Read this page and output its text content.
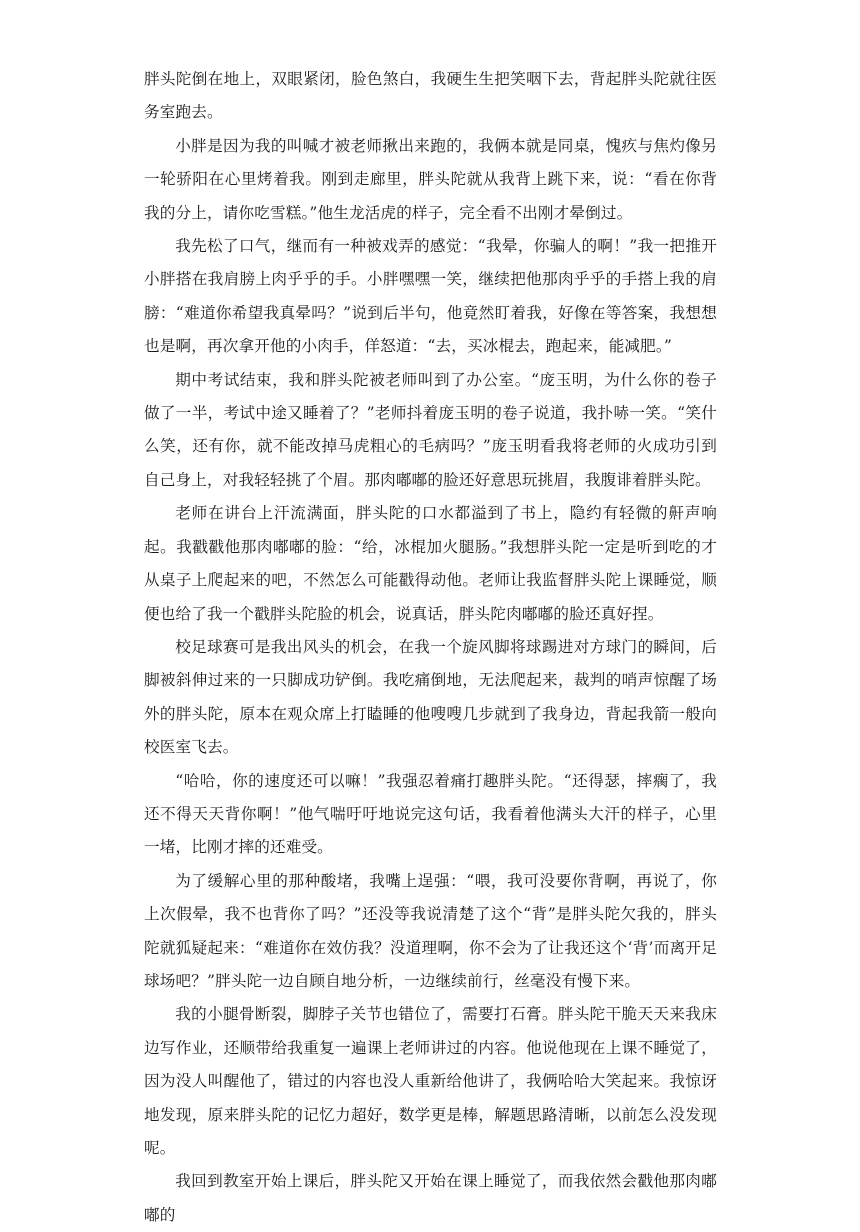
胖头陀倒在地上，双眼紧闭，脸色煞白，我硬生生把笑咽下去，背起胖头陀就往医务室跑去。

小胖是因为我的叫喊才被老师揪出来跑的，我俩本就是同桌，愧疚与焦灼像另一轮骄阳在心里烤着我。刚到走廊里，胖头陀就从我背上跳下来，说：“看在你背我的分上，请你吃雪糕。”他生龙活虎的样子，完全看不出刚才晕倒过。

我先松了口气，继而有一种被戏弄的感觉：“我晕，你骗人的啊！”我一把推开小胖搭在我肩膀上肉乎乎的手。小胖嘿嘿一笑，继续把他那肉乎乎的手搭上我的肩膀：“难道你希望我真晕吗？”说到后半句，他竟然盯着我，好像在等答案，我想想也是啊，再次拿开他的小肉手，佯怒道：“去，买冰棍去，跑起来，能减肥。”

期中考试结束，我和胖头陀被老师叫到了办公室。“庞玉明，为什么你的卷子做了一半，考试中途又睡着了？”老师抖着庞玉明的卷子说道，我扑哧一笑。“笑什么笑，还有你，就不能改掉马虎粗心的毛病吗？”庞玉明看我将老师的火成功引到自己身上，对我轻轻挑了个眉。那肉嘟嘟的脸还好意思玩挑眉，我腹诽着胖头陀。

老师在讲台上汗流满面，胖头陀的口水都溢到了书上，隐约有轻微的鼾声响起。我戳戳他那肉嘟嘟的脸：“给，冰棍加火腿肠。”我想胖头陀一定是听到吃的才从桌子上爬起来的吧，不然怎么可能戳得动他。老师让我监督胖头陀上课睡觉，顺便也给了我一个戳胖头陀脸的机会，说真话，胖头陀肉嘟嘟的脸还真好捏。

校足球赛可是我出风头的机会，在我一个旋风脚将球踢进对方球门的瞬间，后脚被斜伸过来的一只脚成功铲倒。我吃痛倒地，无法爬起来，裁判的哨声惊醒了场外的胖头陀，原本在观众席上打瞌睡的他嗖嗖几步就到了我身边，背起我箭一般向校医室飞去。

“哈哈，你的速度还可以嘛！”我强忍着痛打趣胖头陀。“还得瑟，摔瘸了，我还不得天天背你啊！”他气喘吁吁地说完这句话，我看着他满头大汗的样子，心里一堵，比刚才摔的还难受。

为了缓解心里的那种酸堵，我嘴上逞强：“喂，我可没要你背啊，再说了，你上次假晕，我不也背你了吗？”还没等我说清楚了这个“背”是胖头陀欠我的，胖头陀就狐疑起来：“难道你在效仿我？没道理啊，你不会为了让我还这个‘背’而离开足球场吧？”胖头陀一边自顾自地分析，一边继续前行，丝毫没有慢下来。

我的小腿骨断裂，脚脖子关节也错位了，需要打石膏。胖头陀干脆天天来我床边写作业，还顺带给我重复一遍课上老师讲过的内容。他说他现在上课不睡觉了，因为没人叫醒他了，错过的内容也没人重新给他讲了，我俩哈哈大笑起来。我惊讶地发现，原来胖头陀的记忆力超好，数学更是棒，解题思路清晰，以前怎么没发现呢。

我回到教室开始上课后，胖头陀又开始在课上睡觉了，而我依然会戳他那肉嘟嘟的
